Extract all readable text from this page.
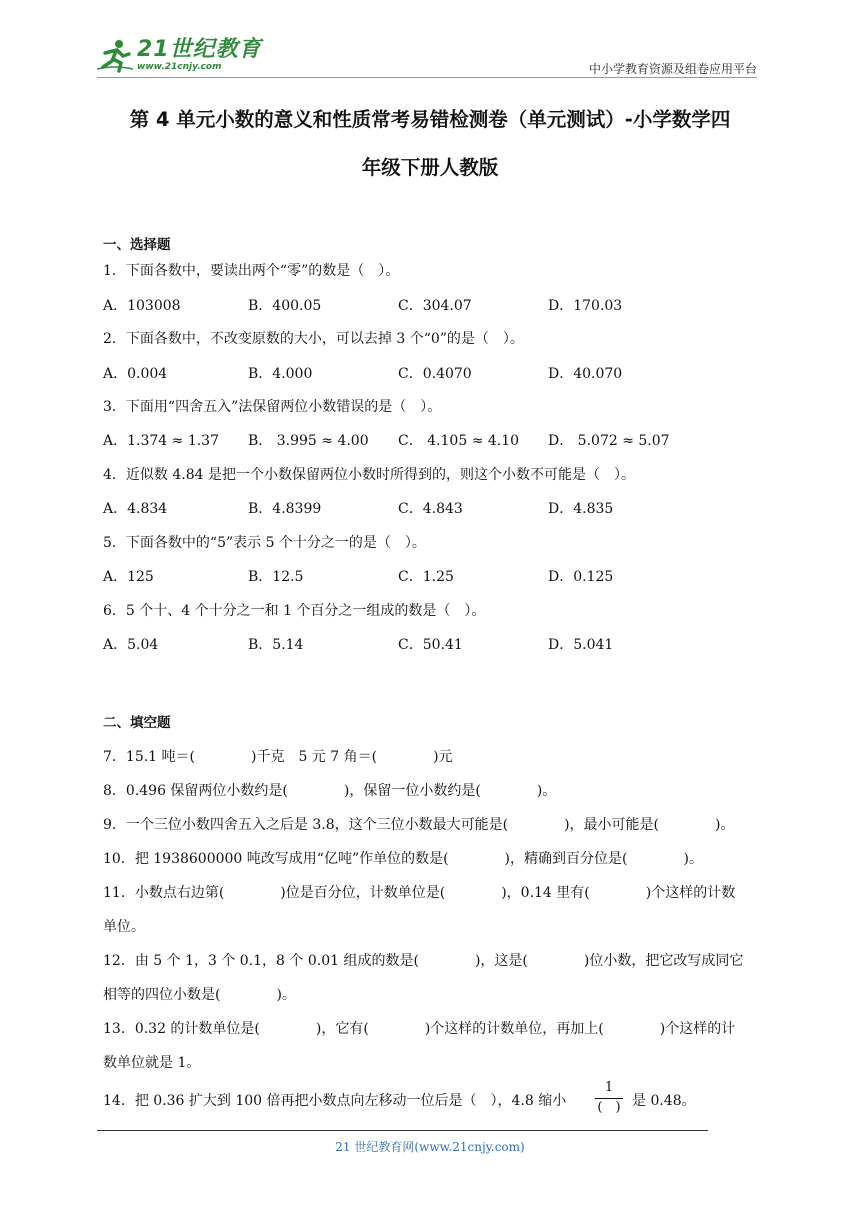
21世纪教育
www.21cnjy.com	中小学教育资源及组卷应用平台
第 4 单元小数的意义和性质常考易错检测卷（单元测试）-小学数学四
年级下册人教版
一、选择题
1．下面各数中，要读出两个“零”的数是（　）。
A．103008	B．400.05	C．304.07	D．170.03
2．下面各数中，不改变原数的大小，可以去掉 3 个“0”的是（　）。
A．0.004	B．4.000	C．0.4070	D．40.070
3．下面用“四舍五入”法保留两位小数错误的是（　）。
A．1.374 ≈ 1.37 B． 3.995 ≈ 4.00 C． 4.105 ≈ 4.10 D． 5.072 ≈ 5.07
4．近似数 4.84 是把一个小数保留两位小数时所得到的，则这个小数不可能是（　）。
A．4.834	B．4.8399	C．4.843	D．4.835
5．下面各数中的“5”表示 5 个十分之一的是（　）。
A．125	B．12.5	C．1.25	D．0.125
6．5 个十、4 个十分之一和 1 个百分之一组成的数是（　）。
A．5.04	B．5.14	C．50.41	D．5.041
二、填空题
7．15.1 吨＝(　　　　)千克　5 元 7 角＝(　　　　)元
8．0.496 保留两位小数约是(　　　　)，保留一位小数约是(　　　　)。
9．一个三位小数四舍五入之后是 3.8，这个三位小数最大可能是(　　　　)，最小可能是(　　　　)。
10．把 1938600000 吨改写成用“亿吨”作单位的数是(　　　　)，精确到百分位是(　　　　)。
11．小数点右边第(　　　　)位是百分位，计数单位是(　　　　)，0.14 里有(　　　　)个这样的计数
单位。
12．由 5 个 1，3 个 0.1，8 个 0.01 组成的数是(　　　　)，这是(　　　　)位小数，把它改写成同它
相等的四位小数是(　　　　)。
13．0.32 的计数单位是(　　　　)，它有(　　　　)个这样的计数单位，再加上(　　　　)个这样的计
数单位就是 1。
14．把 0.36 扩大到 100 倍再把小数点向左移动一位后是（　），4.8 缩小
1
(　) 是 0.48。
21 世纪教育网(www.21cnjy.com)
